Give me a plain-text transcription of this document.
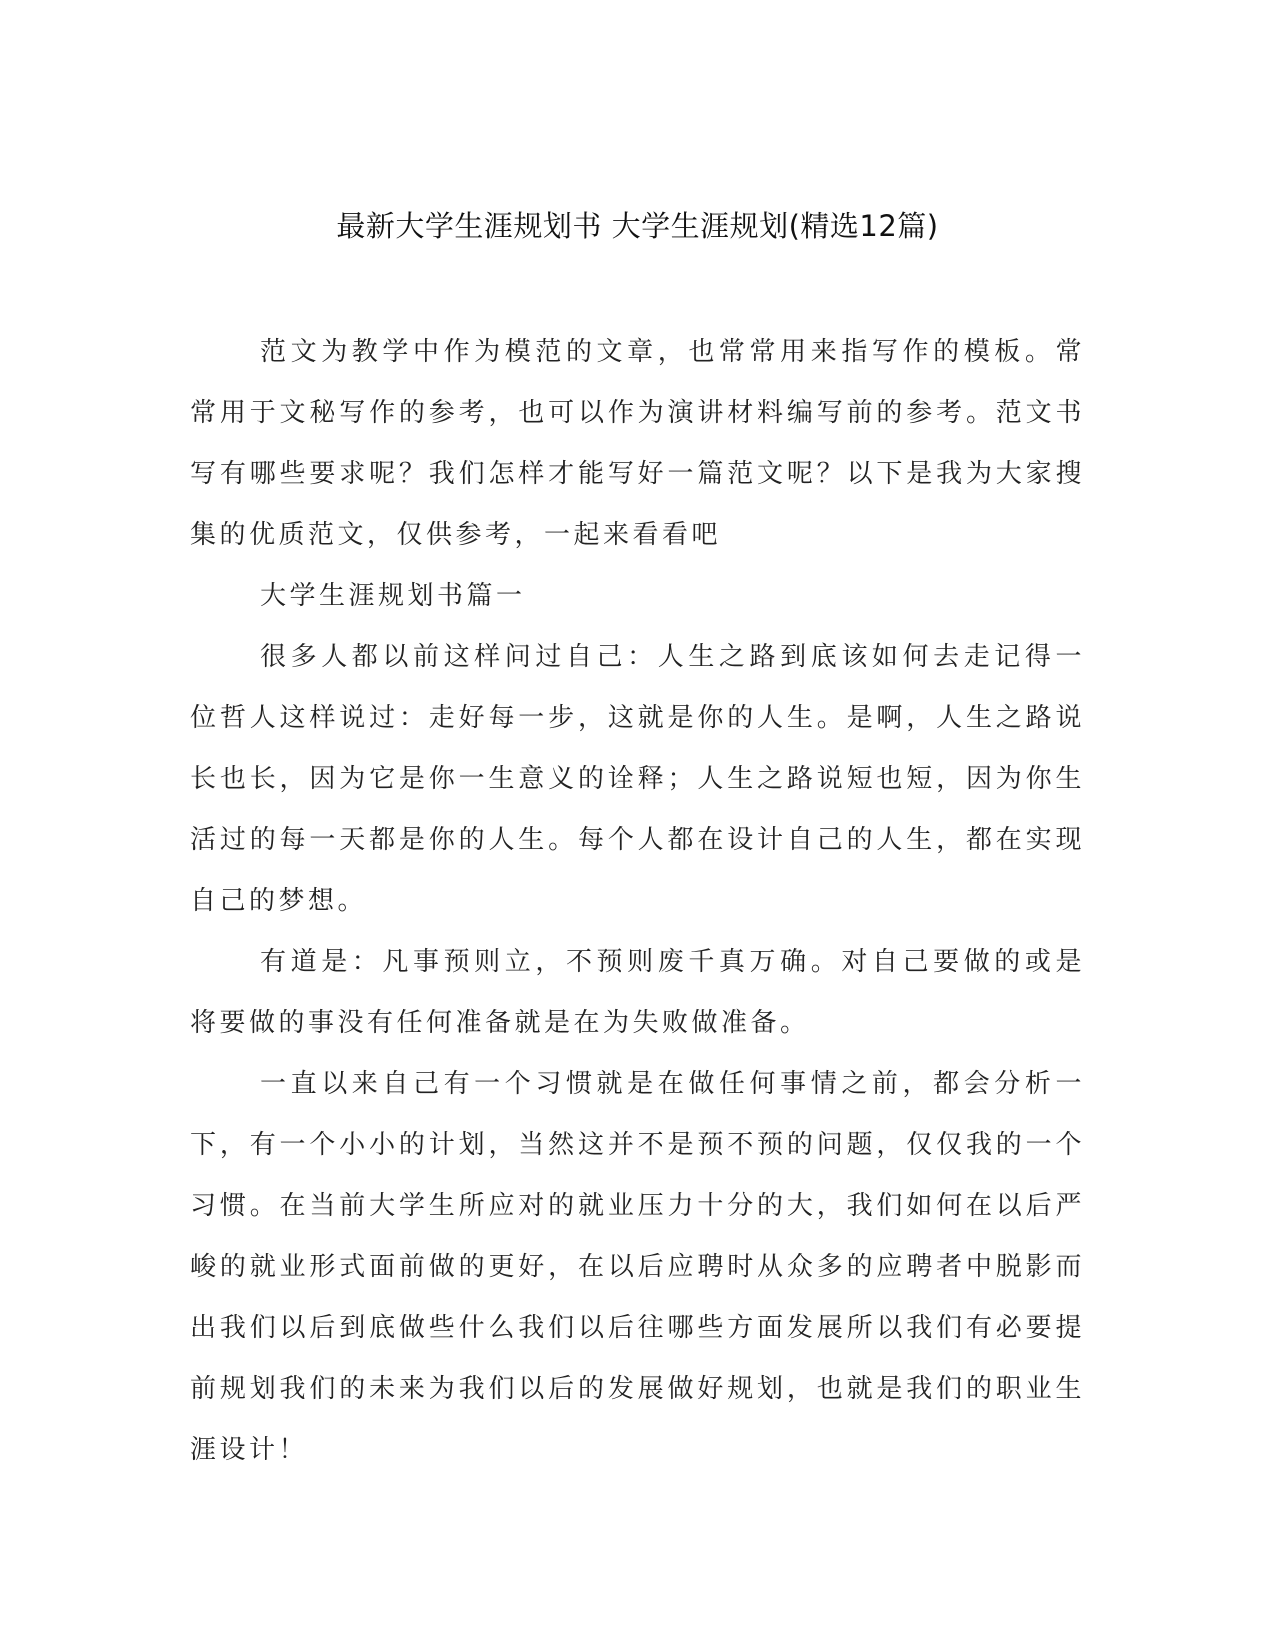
最新大学生涯规划书 大学生涯规划(精选12篇)

范文为教学中作为模范的文章，也常常用来指写作的模板。常常用于文秘写作的参考，也可以作为演讲材料编写前的参考。范文书写有哪些要求呢？我们怎样才能写好一篇范文呢？以下是我为大家搜集的优质范文，仅供参考，一起来看看吧

大学生涯规划书篇一

很多人都以前这样问过自己：人生之路到底该如何去走记得一位哲人这样说过：走好每一步，这就是你的人生。是啊，人生之路说长也长，因为它是你一生意义的诠释；人生之路说短也短，因为你生活过的每一天都是你的人生。每个人都在设计自己的人生，都在实现自己的梦想。

有道是：凡事预则立，不预则废千真万确。对自己要做的或是将要做的事没有任何准备就是在为失败做准备。

一直以来自己有一个习惯就是在做任何事情之前，都会分析一下，有一个小小的计划，当然这并不是预不预的问题，仅仅我的一个习惯。在当前大学生所应对的就业压力十分的大，我们如何在以后严峻的就业形式面前做的更好，在以后应聘时从众多的应聘者中脱影而出我们以后到底做些什么我们以后往哪些方面发展所以我们有必要提前规划我们的未来为我们以后的发展做好规划，也就是我们的职业生涯设计！
